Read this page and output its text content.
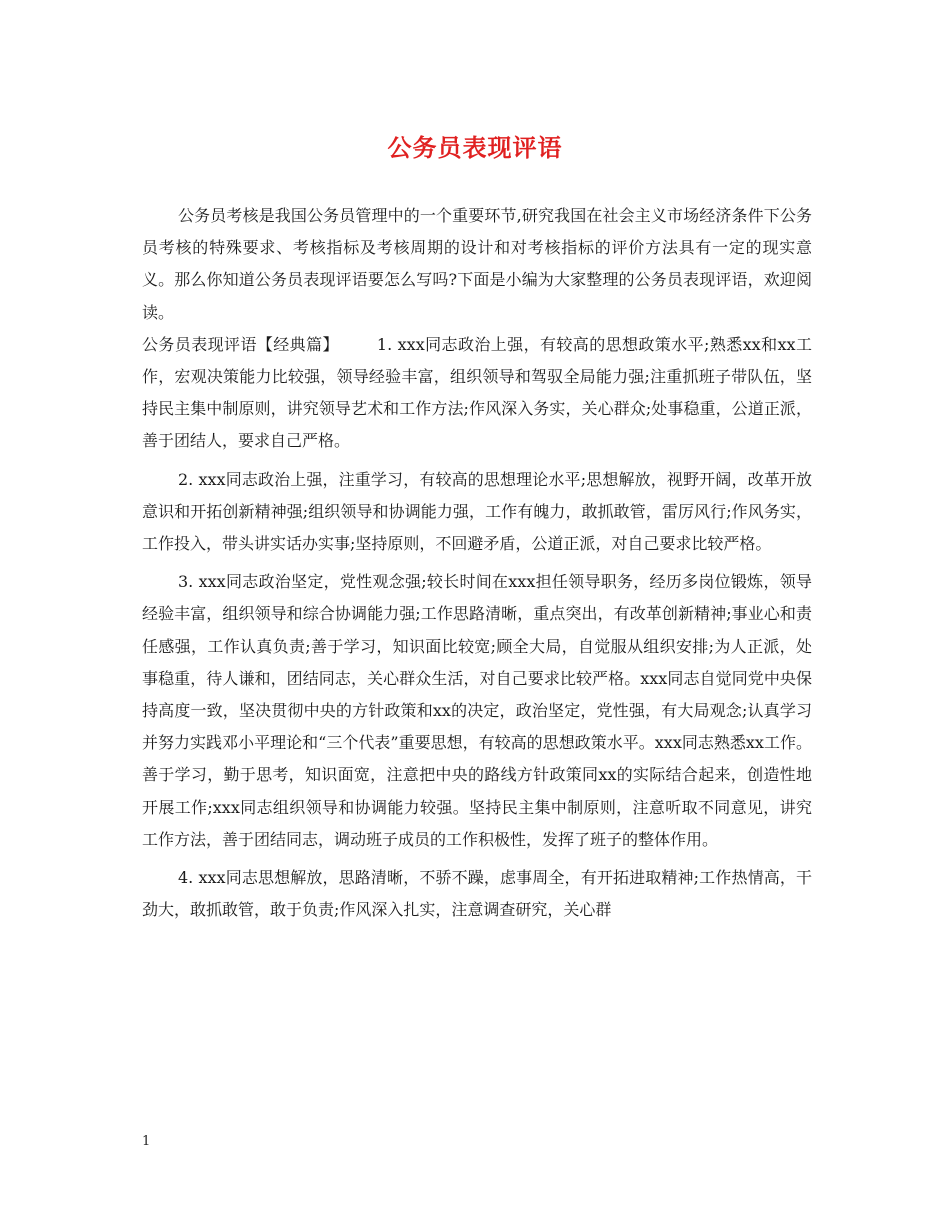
公务员表现评语

公务员考核是我国公务员管理中的一个重要环节,研究我国在社会主义市场经济条件下公务员考核的特殊要求、考核指标及考核周期的设计和对考核指标的评价方法具有一定的现实意义。那么你知道公务员表现评语要怎么写吗?下面是小编为大家整理的公务员表现评语，欢迎阅读。

公务员表现评语【经典篇】 1. xxx同志政治上强，有较高的思想政策水平;熟悉xx和xx工作，宏观决策能力比较强，领导经验丰富，组织领导和驾驭全局能力强;注重抓班子带队伍，坚持民主集中制原则，讲究领导艺术和工作方法;作风深入务实，关心群众;处事稳重，公道正派，善于团结人，要求自己严格。

2. xxx同志政治上强，注重学习，有较高的思想理论水平;思想解放，视野开阔，改革开放意识和开拓创新精神强;组织领导和协调能力强，工作有魄力，敢抓敢管，雷厉风行;作风务实，工作投入，带头讲实话办实事;坚持原则，不回避矛盾，公道正派，对自己要求比较严格。

3. xxx同志政治坚定，党性观念强;较长时间在xxx担任领导职务，经历多岗位锻炼，领导经验丰富，组织领导和综合协调能力强;工作思路清晰，重点突出，有改革创新精神;事业心和责任感强，工作认真负责;善于学习，知识面比较宽;顾全大局，自觉服从组织安排;为人正派，处事稳重，待人谦和，团结同志，关心群众生活，对自己要求比较严格。xxx同志自觉同党中央保持高度一致，坚决贯彻中央的方针政策和xx的决定，政治坚定，党性强，有大局观念;认真学习并努力实践邓小平理论和“三个代表”重要思想，有较高的思想政策水平。xxx同志熟悉xx工作。善于学习，勤于思考，知识面宽，注意把中央的路线方针政策同xx的实际结合起来，创造性地开展工作;xxx同志组织领导和协调能力较强。坚持民主集中制原则，注意听取不同意见，讲究工作方法，善于团结同志，调动班子成员的工作积极性，发挥了班子的整体作用。

4. xxx同志思想解放，思路清晰，不骄不躁，虑事周全，有开拓进取精神;工作热情高，干劲大，敢抓敢管，敢于负责;作风深入扎实，注意调查研究，关心群

1
